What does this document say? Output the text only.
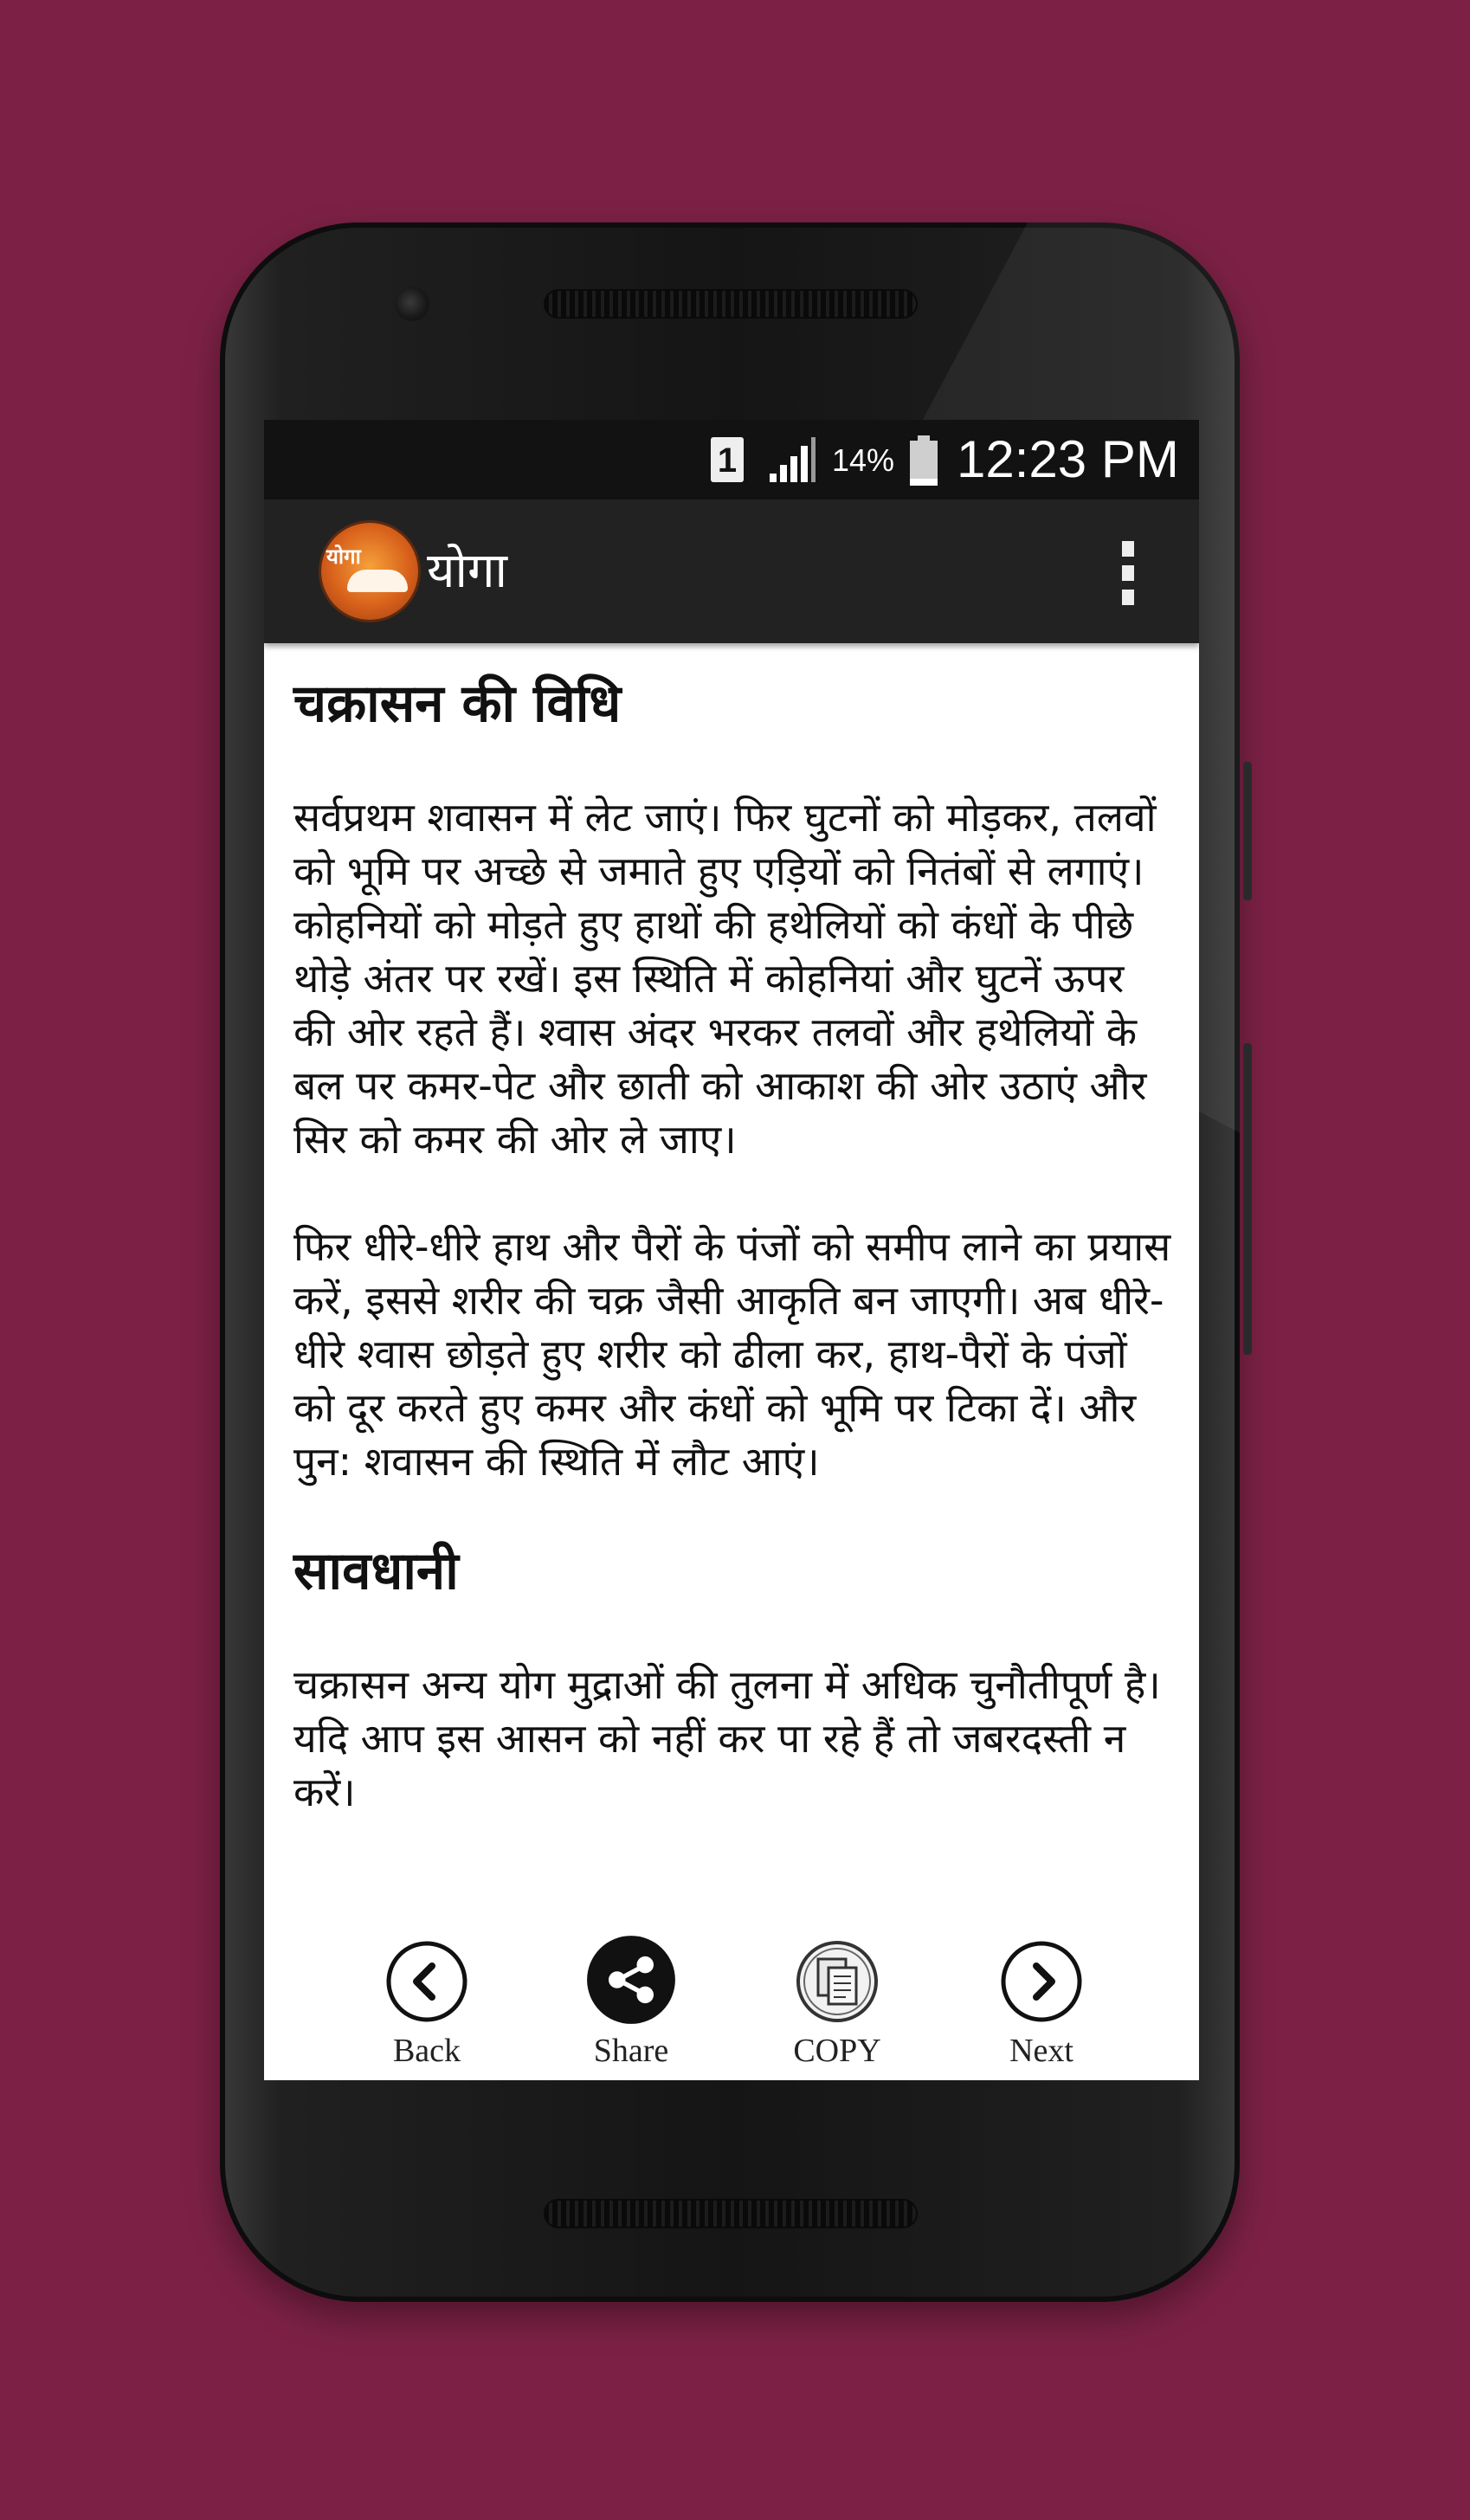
1	14% 12:23 PM
योगा	योगा
चक्रासन की विधि

सर्वप्रथम शवासन में लेट जाएं। फिर घुटनों को मोड़कर, तलवों को भूमि पर अच्छे से जमाते हुए एड़ियों को नितंबों से लगाएं। कोहनियों को मोड़ते हुए हाथों की हथेलियों को कंधों के पीछे थोड़े अंतर पर रखें। इस स्थिति में कोहनियां और घुटनें ऊपर की ओर रहते हैं। श्वास अंदर भरकर तलवों और हथेलियों के बल पर कमर-पेट और छाती को आकाश की ओर उठाएं और सिर को कमर की ओर ले जाए।

फिर धीरे-धीरे हाथ और पैरों के पंजों को समीप लाने का प्रयास करें, इससे शरीर की चक्र जैसी आकृति बन जाएगी। अब धीरे-धीरे श्वास छोड़ते हुए शरीर को ढीला कर, हाथ-पैरों के पंजों को दूर करते हुए कमर और कंधों को भूमि पर टिका दें। और पुन: शवासन की स्थिति में लौट आएं।

सावधानी

चक्रासन अन्य योग मुद्राओं की तुलना में अधिक चुनौतीपूर्ण है। यदि आप इस आसन को नहीं कर पा रहे हैं तो जबरदस्ती न करें।

Back	Share	COPY	Next
